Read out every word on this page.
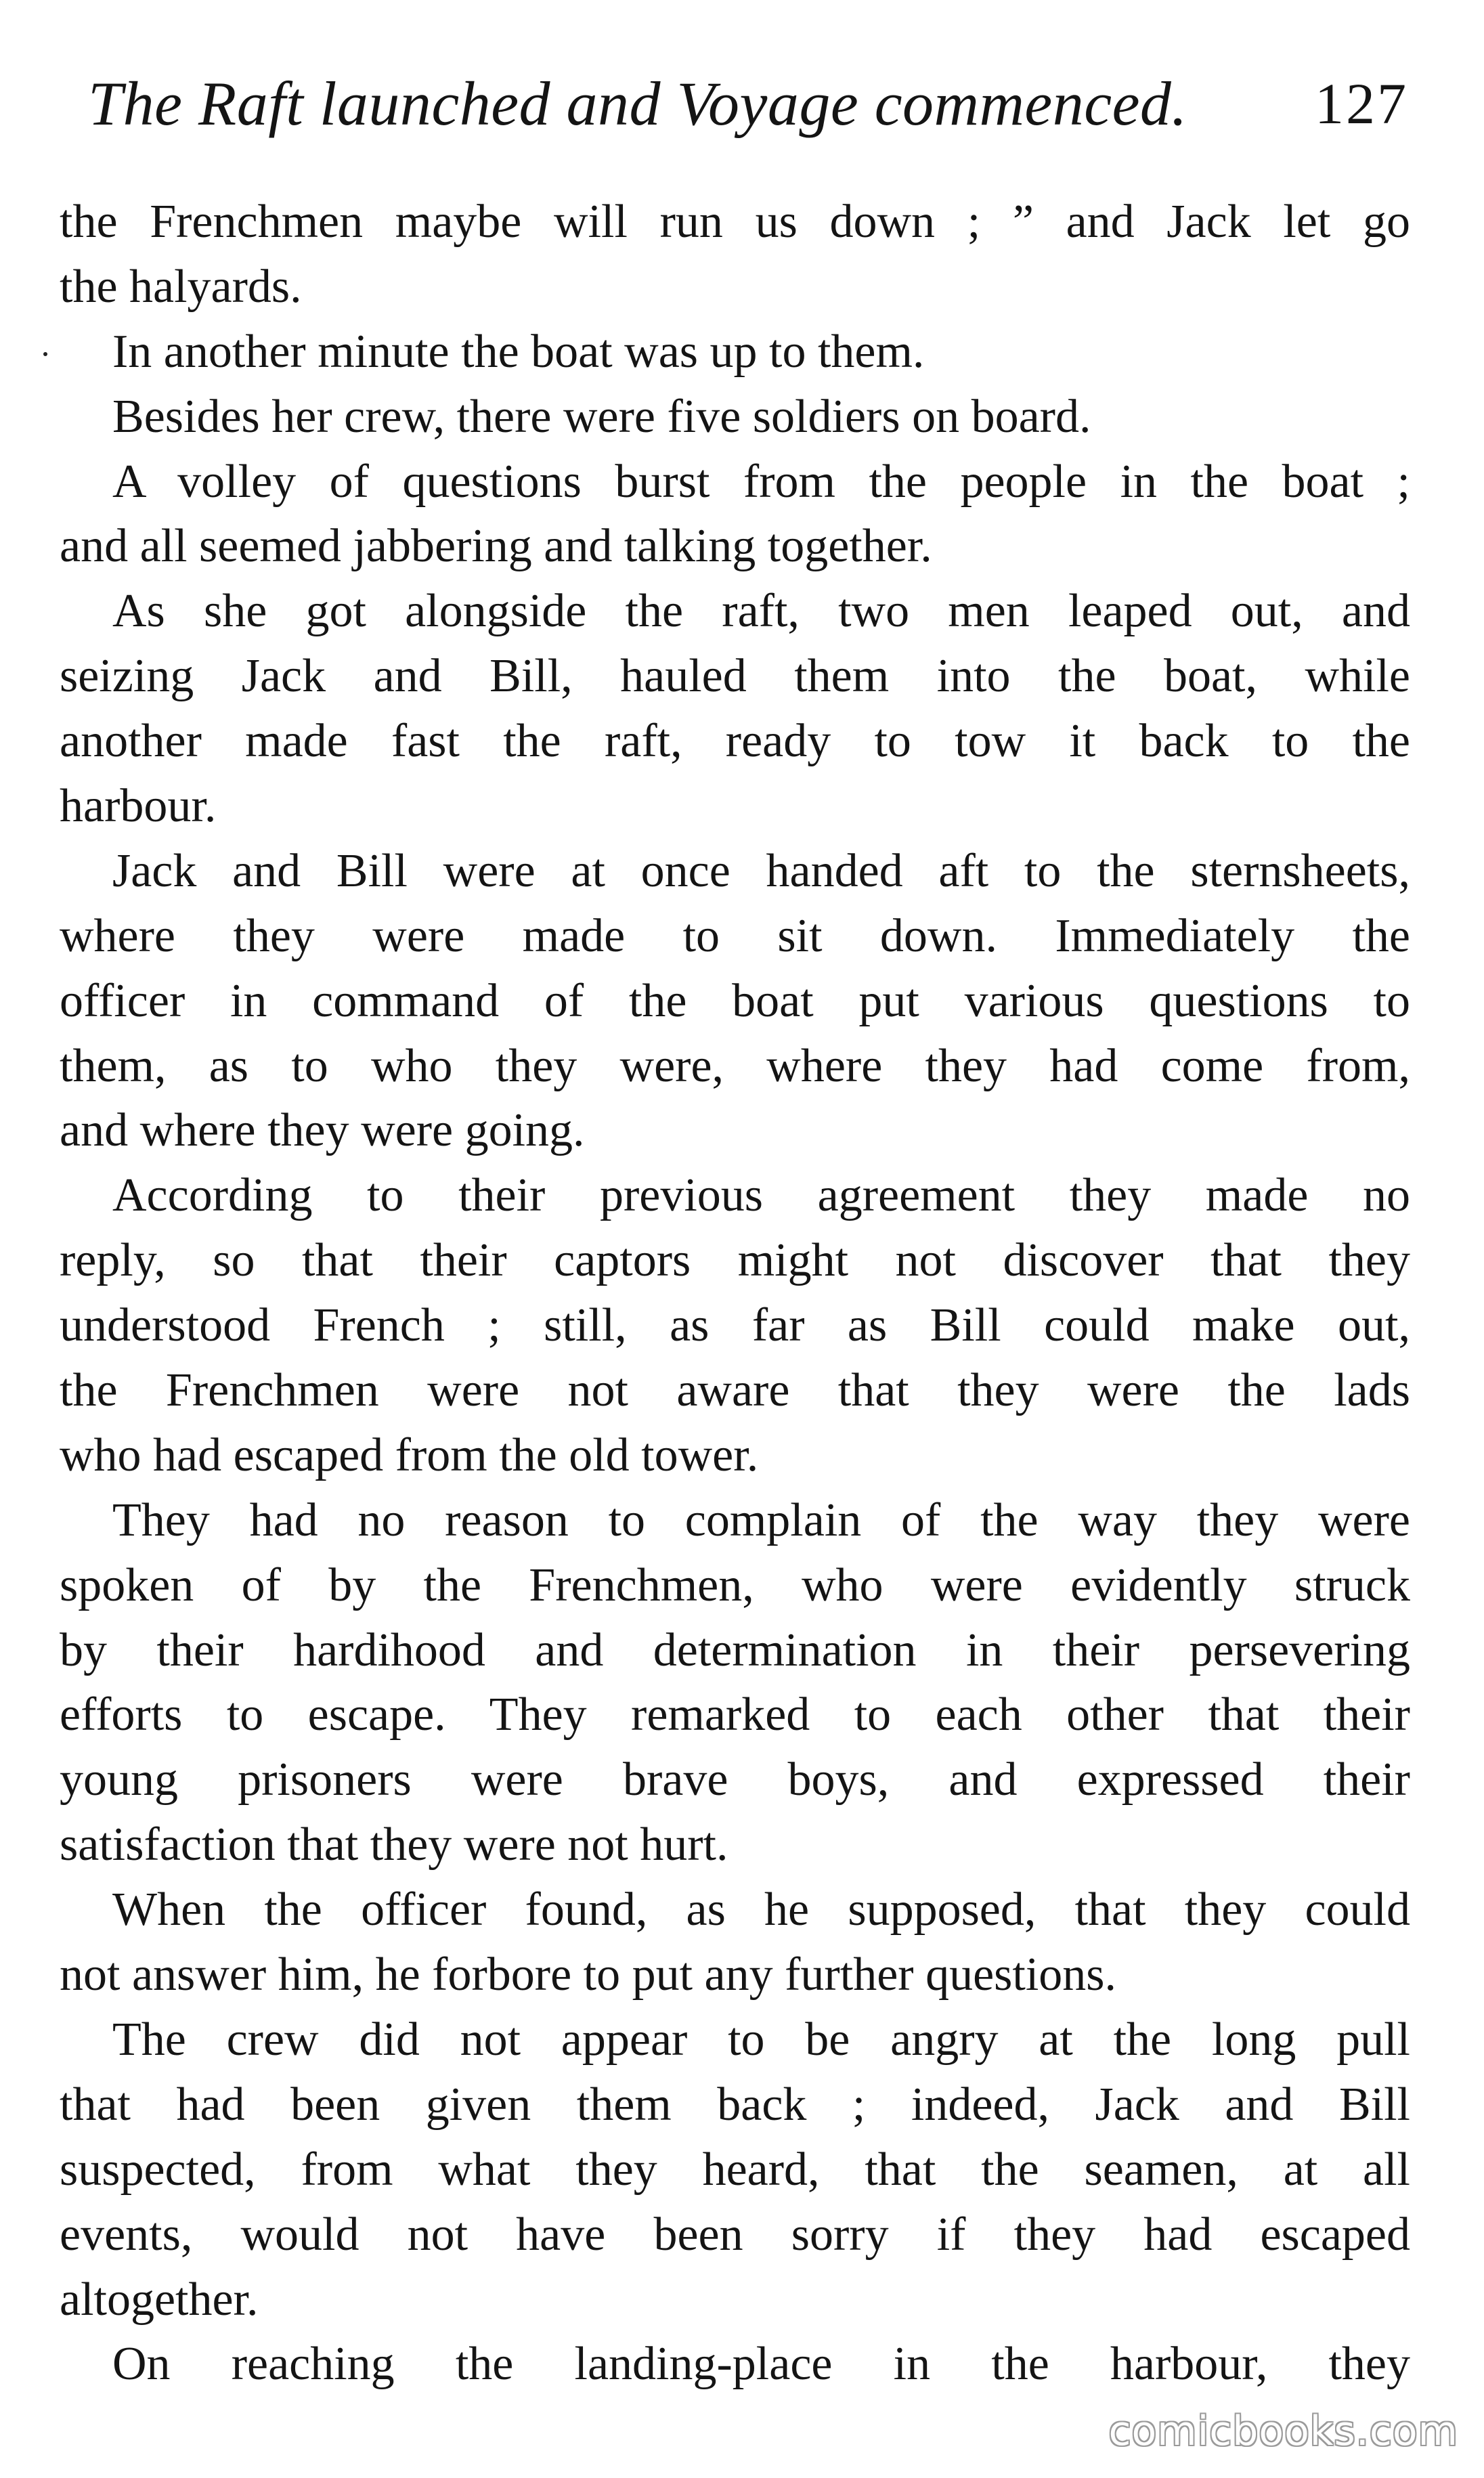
The Raft launched and Voyage commenced. 127
the Frenchmen maybe will run us down ; ” and Jack let go
the halyards.
In another minute the boat was up to them.
Besides her crew, there were five soldiers on board.
A volley of questions burst from the people in the boat ;
and all seemed jabbering and talking together.
As she got alongside the raft, two men leaped out, and
seizing Jack and Bill, hauled them into the boat, while
another made fast the raft, ready to tow it back to the
harbour.
Jack and Bill were at once handed aft to the sternsheets,
where they were made to sit down. Immediately the
officer in command of the boat put various questions to
them, as to who they were, where they had come from,
and where they were going.
According to their previous agreement they made no
reply, so that their captors might not discover that they
understood French ; still, as far as Bill could make out,
the Frenchmen were not aware that they were the lads
who had escaped from the old tower.
They had no reason to complain of the way they were
spoken of by the Frenchmen, who were evidently struck
by their hardihood and determination in their persevering
efforts to escape. They remarked to each other that their
young prisoners were brave boys, and expressed their
satisfaction that they were not hurt.
When the officer found, as he supposed, that they could
not answer him, he forbore to put any further questions.
The crew did not appear to be angry at the long pull
that had been given them back ; indeed, Jack and Bill
suspected, from what they heard, that the seamen, at all
events, would not have been sorry if they had escaped
altogether.
On reaching the landing-place in the harbour, they
comicbooks.com
